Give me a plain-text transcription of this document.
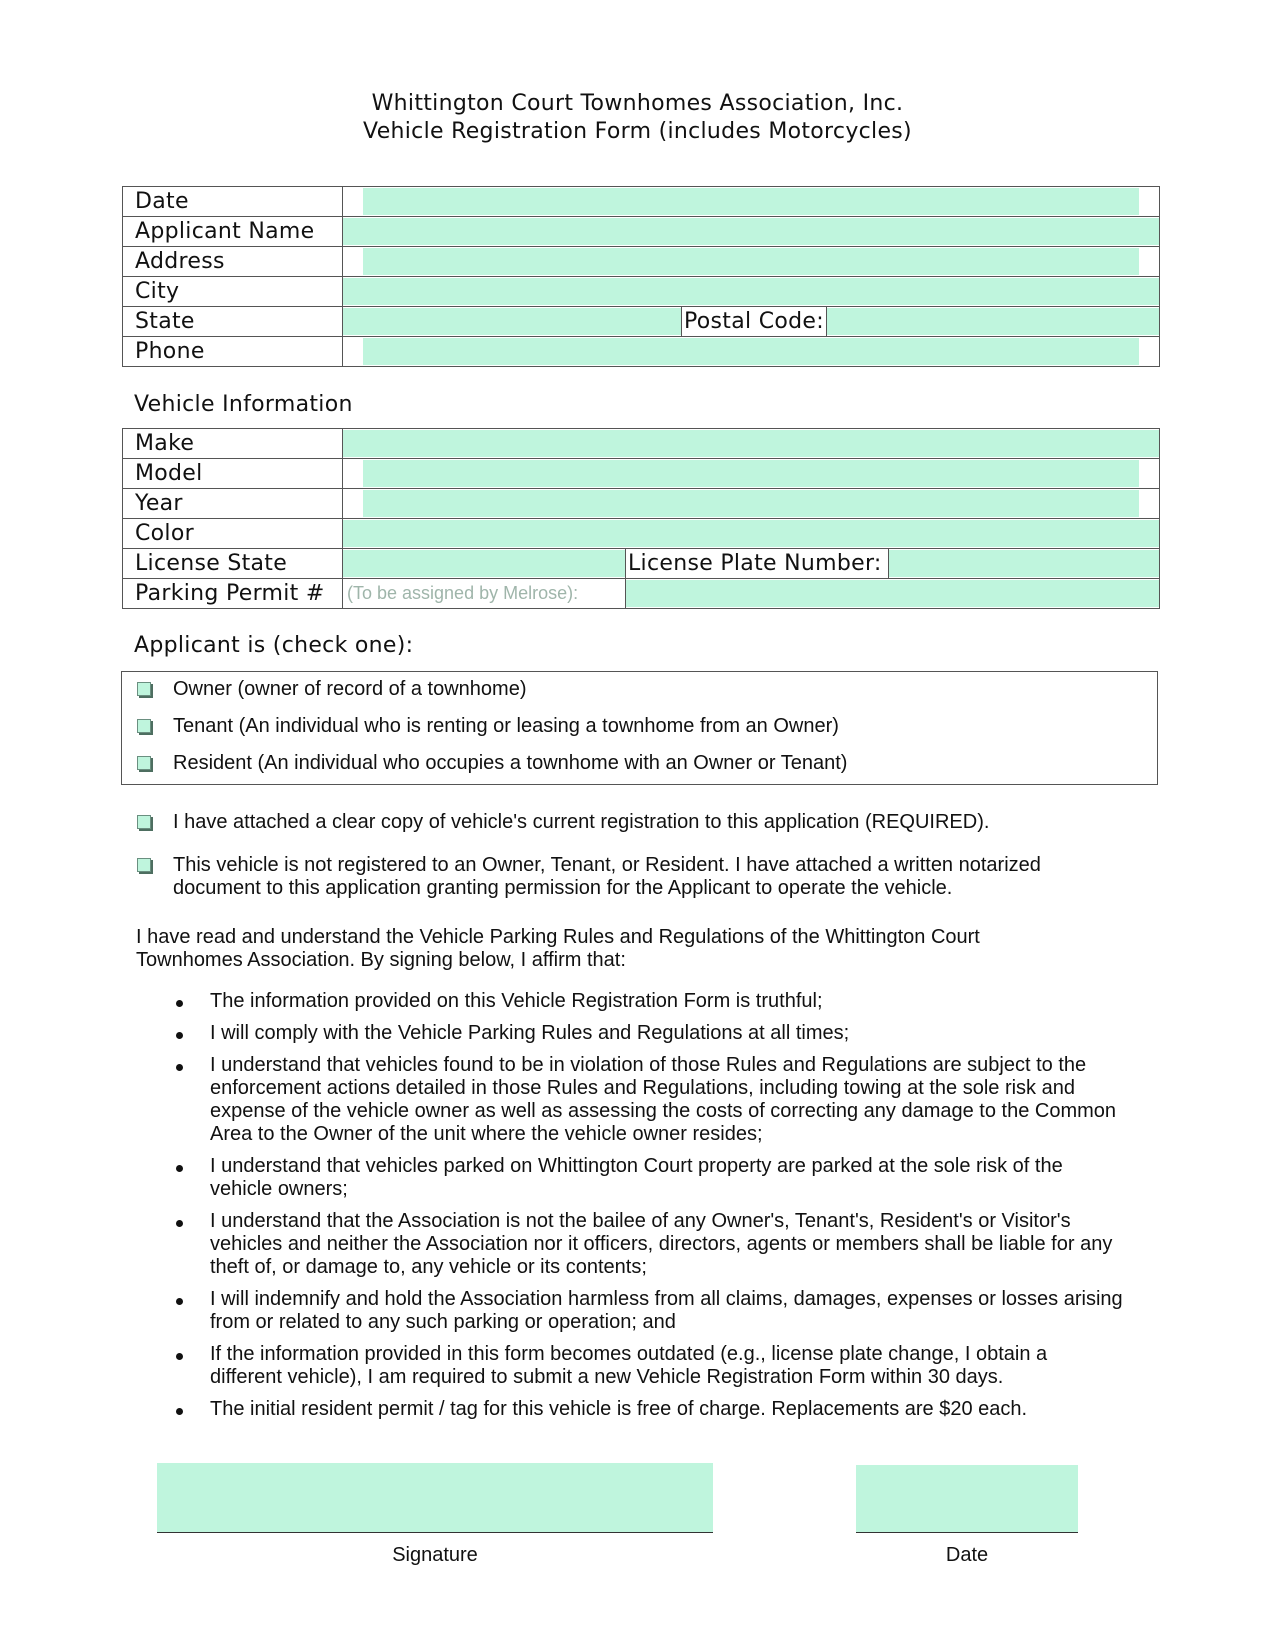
Whittington Court Townhomes Association, Inc.
Vehicle Registration Form (includes Motorcycles)
Date			

Applicant Name			

Address			

City			

State		Postal Code:	

Phone			
Vehicle Information
Make			

Model			

Year			

Color			

License State		License Plate Number:	

Parking Permit #	(To be assigned by Melrose):		
Applicant is (check one):
Owner (owner of record of a townhome)
Tenant (An individual who is renting or leasing a townhome from an Owner)
Resident (An individual who occupies a townhome with an Owner or Tenant)
I have attached a clear copy of vehicle's current registration to this application (REQUIRED).
This vehicle is not registered to an Owner, Tenant, or Resident. I have attached a written notarized document to this application granting permission for the Applicant to operate the vehicle.
I have read and understand the Vehicle Parking Rules and Regulations of the Whittington Court Townhomes Association. By signing below, I affirm that:
The information provided on this Vehicle Registration Form is truthful;
I will comply with the Vehicle Parking Rules and Regulations at all times;
I understand that vehicles found to be in violation of those Rules and Regulations are subject to the enforcement actions detailed in those Rules and Regulations, including towing at the sole risk and expense of the vehicle owner as well as assessing the costs of correcting any damage to the Common Area to the Owner of the unit where the vehicle owner resides;
I understand that vehicles parked on Whittington Court property are parked at the sole risk of the vehicle owners;
I understand that the Association is not the bailee of any Owner's, Tenant's, Resident's or Visitor's vehicles and neither the Association nor it officers, directors, agents or members shall be liable for any theft of, or damage to, any vehicle or its contents;
I will indemnify and hold the Association harmless from all claims, damages, expenses or losses arising from or related to any such parking or operation; and
If the information provided in this form becomes outdated (e.g., license plate change, I obtain a different vehicle), I am required to submit a new Vehicle Registration Form within 30 days.
The initial resident permit / tag for this vehicle is free of charge. Replacements are $20 each.
Signature	Date
